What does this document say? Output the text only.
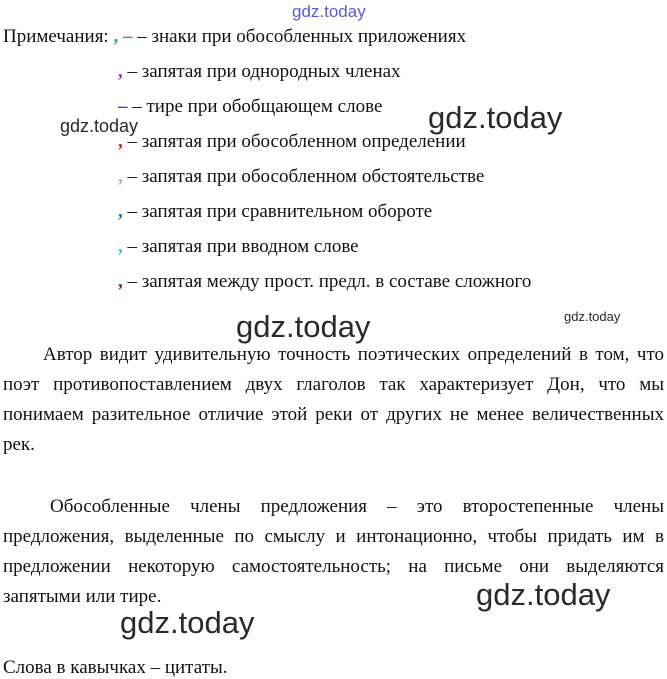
gdz.today
Примечания: , – – знаки при обособленных приложениях
, – запятая при однородных членах
– – тире при обобщающем слове
gdz.today	gdz.today
, – запятая при обособленном определении
, – запятая при обособленном обстоятельстве
, – запятая при сравнительном обороте
, – запятая при вводном слове
, – запятая между прост. предл. в составе сложного
gdz.today	gdz.today
Автор видит удивительную точность поэтических определений в том, что поэт противопоставлением двух глаголов так характеризует Дон, что мы понимаем разительное отличие этой реки от других не менее величественных рек.
Обособленные члены предложения – это второстепенные члены предложения, выделенные по смыслу и интонационно, чтобы придать им в предложении некоторую самостоятельность; на письме они выделяются запятыми или тире.	gdz.today
gdz.today
Слова в кавычках – цитаты.
